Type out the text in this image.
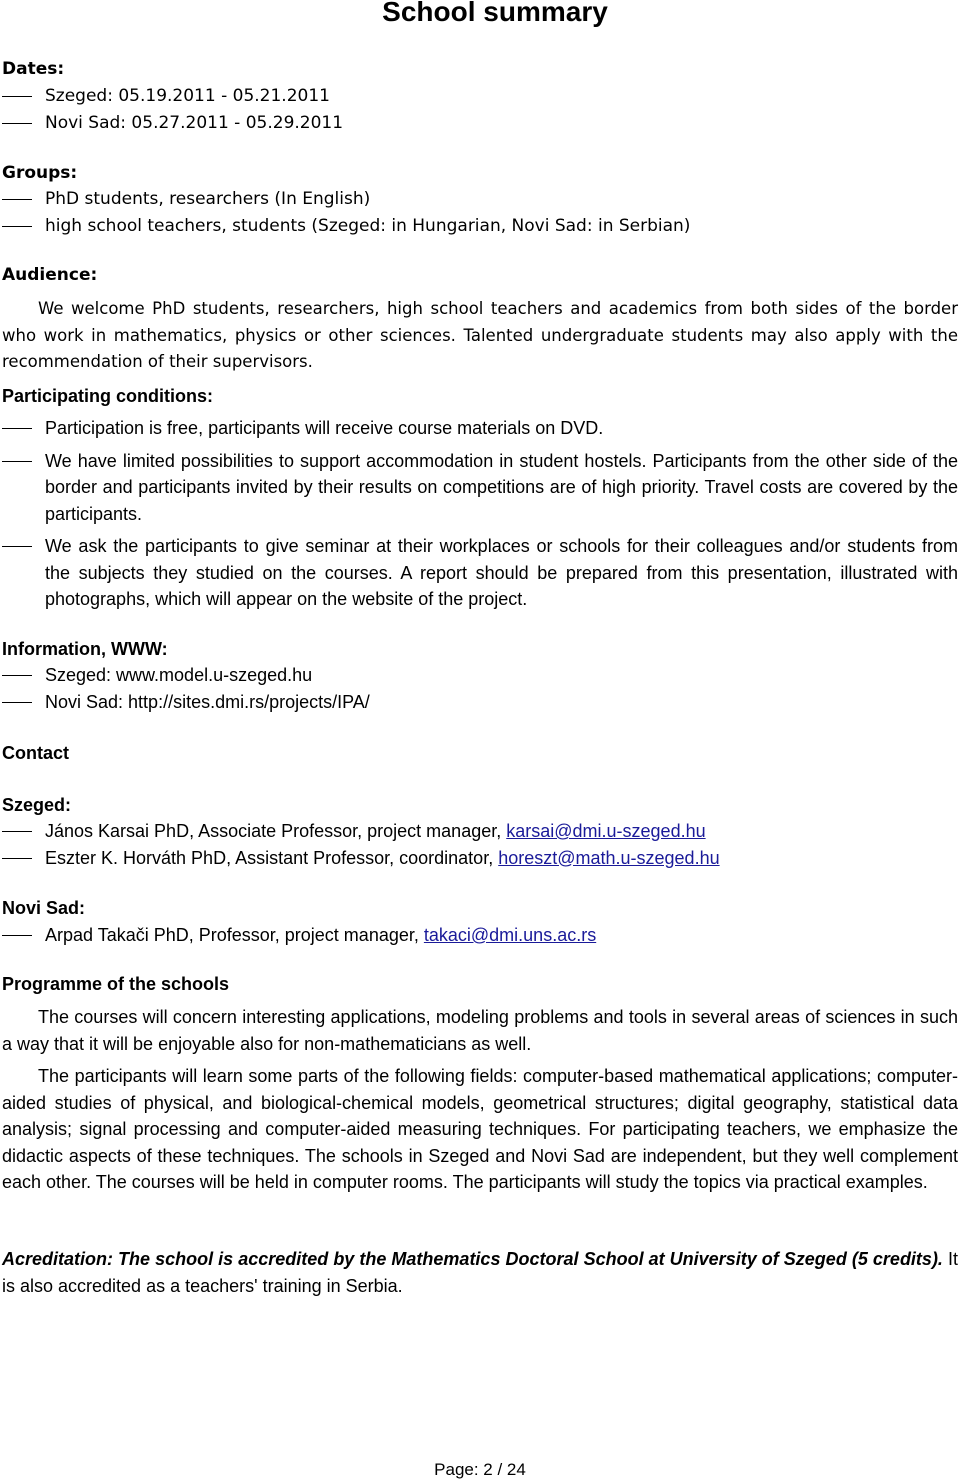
School summary

Dates:

Szeged: 05.19.2011 - 05.21.2011
Novi Sad: 05.27.2011 - 05.29.2011

Groups:

PhD students, researchers (In English)
high school teachers, students (Szeged: in Hungarian, Novi Sad: in Serbian)

Audience:

We welcome PhD students, researchers, high school teachers and academics from both sides of the border who work in mathematics, physics or other sciences. Talented undergraduate students may also apply with the recommendation of their supervisors.

Participating conditions:

Participation is free, participants will receive course materials on DVD.
We have limited possibilities to support accommodation in student hostels. Participants from the other side of the border and participants invited by their results on competitions are of high priority. Travel costs are covered by the participants.
We ask the participants to give seminar at their workplaces or schools for their colleagues and/or students from the subjects they studied on the courses. A report should be prepared from this presentation, illustrated with photographs, which will appear on the website of the project.

Information, WWW:

Szeged: www.model.u-szeged.hu
Novi Sad: http://sites.dmi.rs/projects/IPA/

Contact

Szeged:

János Karsai PhD, Associate Professor, project manager, karsai@dmi.u-szeged.hu
Eszter K. Horváth PhD, Assistant Professor, coordinator, horeszt@math.u-szeged.hu

Novi Sad:

Arpad Takači PhD, Professor, project manager, takaci@dmi.uns.ac.rs

Programme of the schools

The courses will concern interesting applications, modeling problems and tools in several areas of sciences in such a way that it will be enjoyable also for non-mathematicians as well.

The participants will learn some parts of the following fields: computer-based mathematical applications; computer-aided studies of physical, and biological-chemical models, geometrical structures; digital geography, statistical data analysis; signal processing and computer-aided measuring techniques. For participating teachers, we emphasize the didactic aspects of these techniques. The schools in Szeged and Novi Sad are independent, but they well complement each other. The courses will be held in computer rooms. The participants will study the topics via practical examples.

Acreditation: The school is accredited by the Mathematics Doctoral School at University of Szeged (5 credits). It is also accredited as a teachers' training in Serbia.

Page: 2 / 24
